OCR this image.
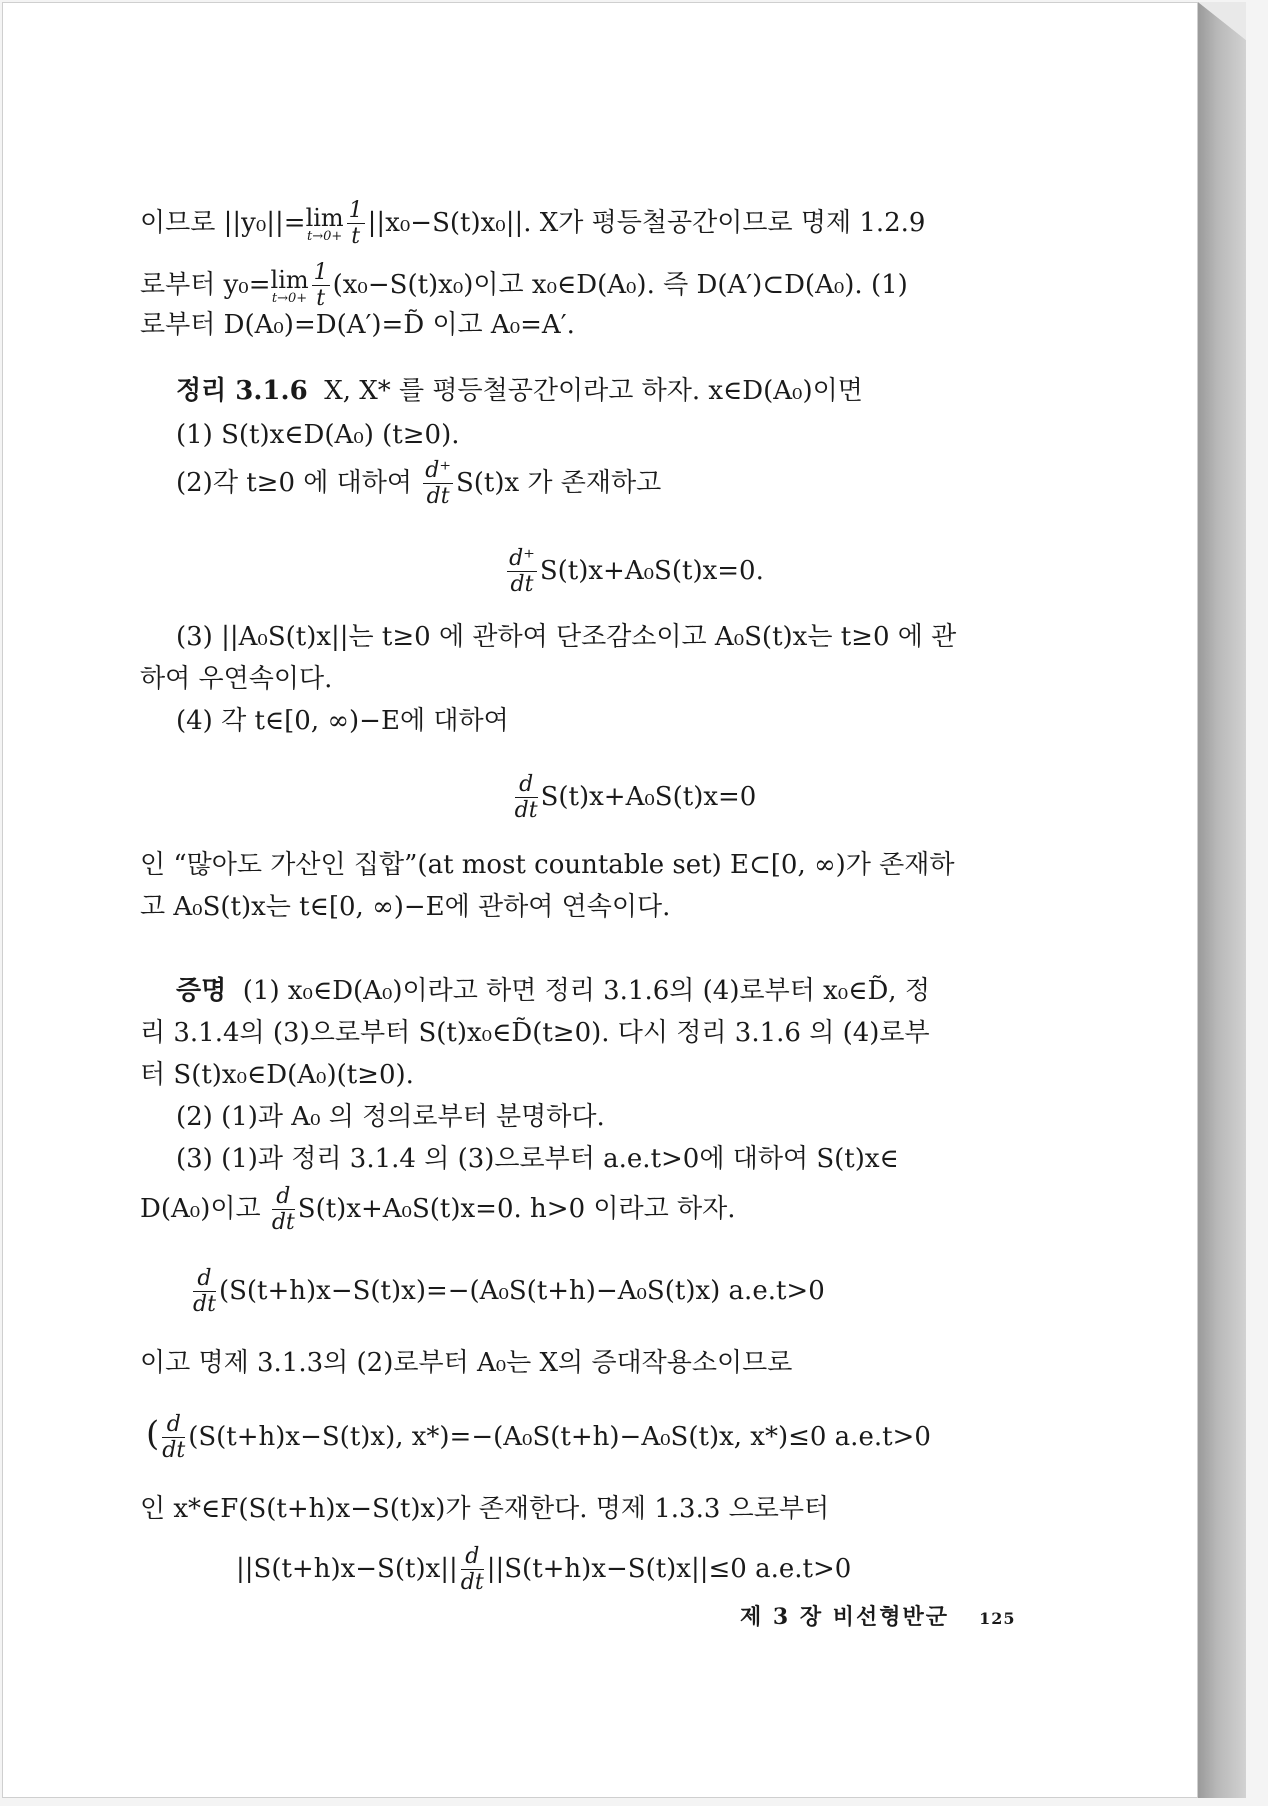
이므로 ||y₀||= lim
$t\to 0+ \frac{1}{t} ||x_0-S(t)x_0||$. X가 평등철공간이므로 명제 1.2.9
로부터 y₀= lim
$t\to 0+ \frac{1}{t} (x_0-S(t)x_0)$이고 x₀∈D(A₀). 즉 D(A′)⊂D(A₀). (1)
로부터 D(A₀)=D(A′)=D̃ 이고 A₀=A′.
정리 3.1.6 X, X* 를 평등철공간이라고 하자. x∈D(A₀)이면
(1) S(t)x∈D(A₀) (t≥0).
(2)각 t≥0 에 대하여 $\frac{d^+}{dt} S(t)x$ 가 존재하고
$\frac{d^+}{dt} S(t)x+A_0S(t)x=0$.
(3) ||A₀S(t)x||는 t≥0 에 관하여 단조감소이고 A₀S(t)x는 t≥0 에 관
하여 우연속이다.
(4) 각 t∈[0, ∞)−E에 대하여
$\frac{d}{dt} S(t)x+A_0S(t)x=0$
인 “많아도 가산인 집합”(at most countable set) E⊂[0, ∞)가 존재하
고 A₀S(t)x는 t∈[0, ∞)−E에 관하여 연속이다.
증명 (1) x₀∈D(A₀)이라고 하면 정리 3.1.6의 (4)로부터 x₀∈D̃, 정
리 3.1.4의 (3)으로부터 S(t)x₀∈D̃(t≥0). 다시 정리 3.1.6 의 (4)로부
터 S(t)x₀∈D(A₀)(t≥0).
(2) (1)과 A₀ 의 정의로부터 분명하다.
(3) (1)과 정리 3.1.4 의 (3)으로부터 a.e.t>0에 대하여 S(t)x∈
D(A₀)이고 $\frac{d}{dt} S(t)x+A_0S(t)x=0$. h>0 이라고 하자.
$\frac{d}{dt} (S(t+h)x-S(t)x)=-(A_0S(t+h)-A_0S(t)x)$ a.e.t>0
이고 명제 3.1.3의 (2)로부터 A₀는 X의 증대작용소이므로
( $\frac{d}{dt} (S(t+h)x-S(t)x)$, x*)=−(A₀S(t+h)−A₀S(t)x, x*)≤0 a.e.t>0
인 x*∈F(S(t+h)x−S(t)x)가 존재한다. 명제 1.3.3 으로부터
$||S(t+h)x-S(t)x|| \frac{d}{dt} ||S(t+h)x-S(t)x||\le 0$ a.e.t>0
제 3 장 비선형반군 125
